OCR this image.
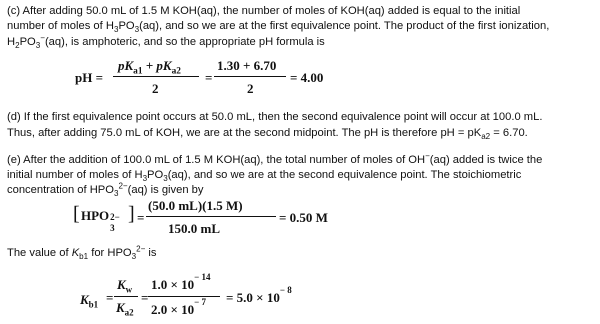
(c) After adding 50.0 mL of 1.5 M KOH(aq), the number of moles of KOH(aq) added is equal to the initial
number of moles of $H_3PO_3(aq)$, and so we are at the first equivalence point. The product of the first ionization,
$H_2PO_3^-(aq)$, is amphoteric, and so the appropriate pH formula is
pH =
$pK_{a1} + pK_{a2}$
2
=
1.30 + 6.70
2
= 4.00
(d) If the first equivalence point occurs at 50.0 mL, then the second equivalence point will occur at 100.0 mL.
Thus, after adding 75.0 mL of KOH, we are at the second midpoint. The pH is therefore pH = $pK_{a2} = 6.70$.
(e) After the addition of 100.0 mL of 1.5 M KOH(aq), the total number of moles of OH−(aq) added is twice the
initial number of moles of $H_3PO_3(aq)$, and so we are at the second equivalence point. The stoichiometric
concentration of $HPO_3^{2-}(aq)$ is given by
[ HPO 2−
3
] =
(50.0 mL)(1.5 M)
150.0 mL
= 0.50 M
The value of $K_{b1}$ for $HPO_3^{2-}$ is
$K_{b1}$ =
$K_w$
$K_{a2}$
=
$1.0 \times 10^{- 14}$
$2.0 \times 10^{- 7} = 5.0 \times 10^{- 8}$
